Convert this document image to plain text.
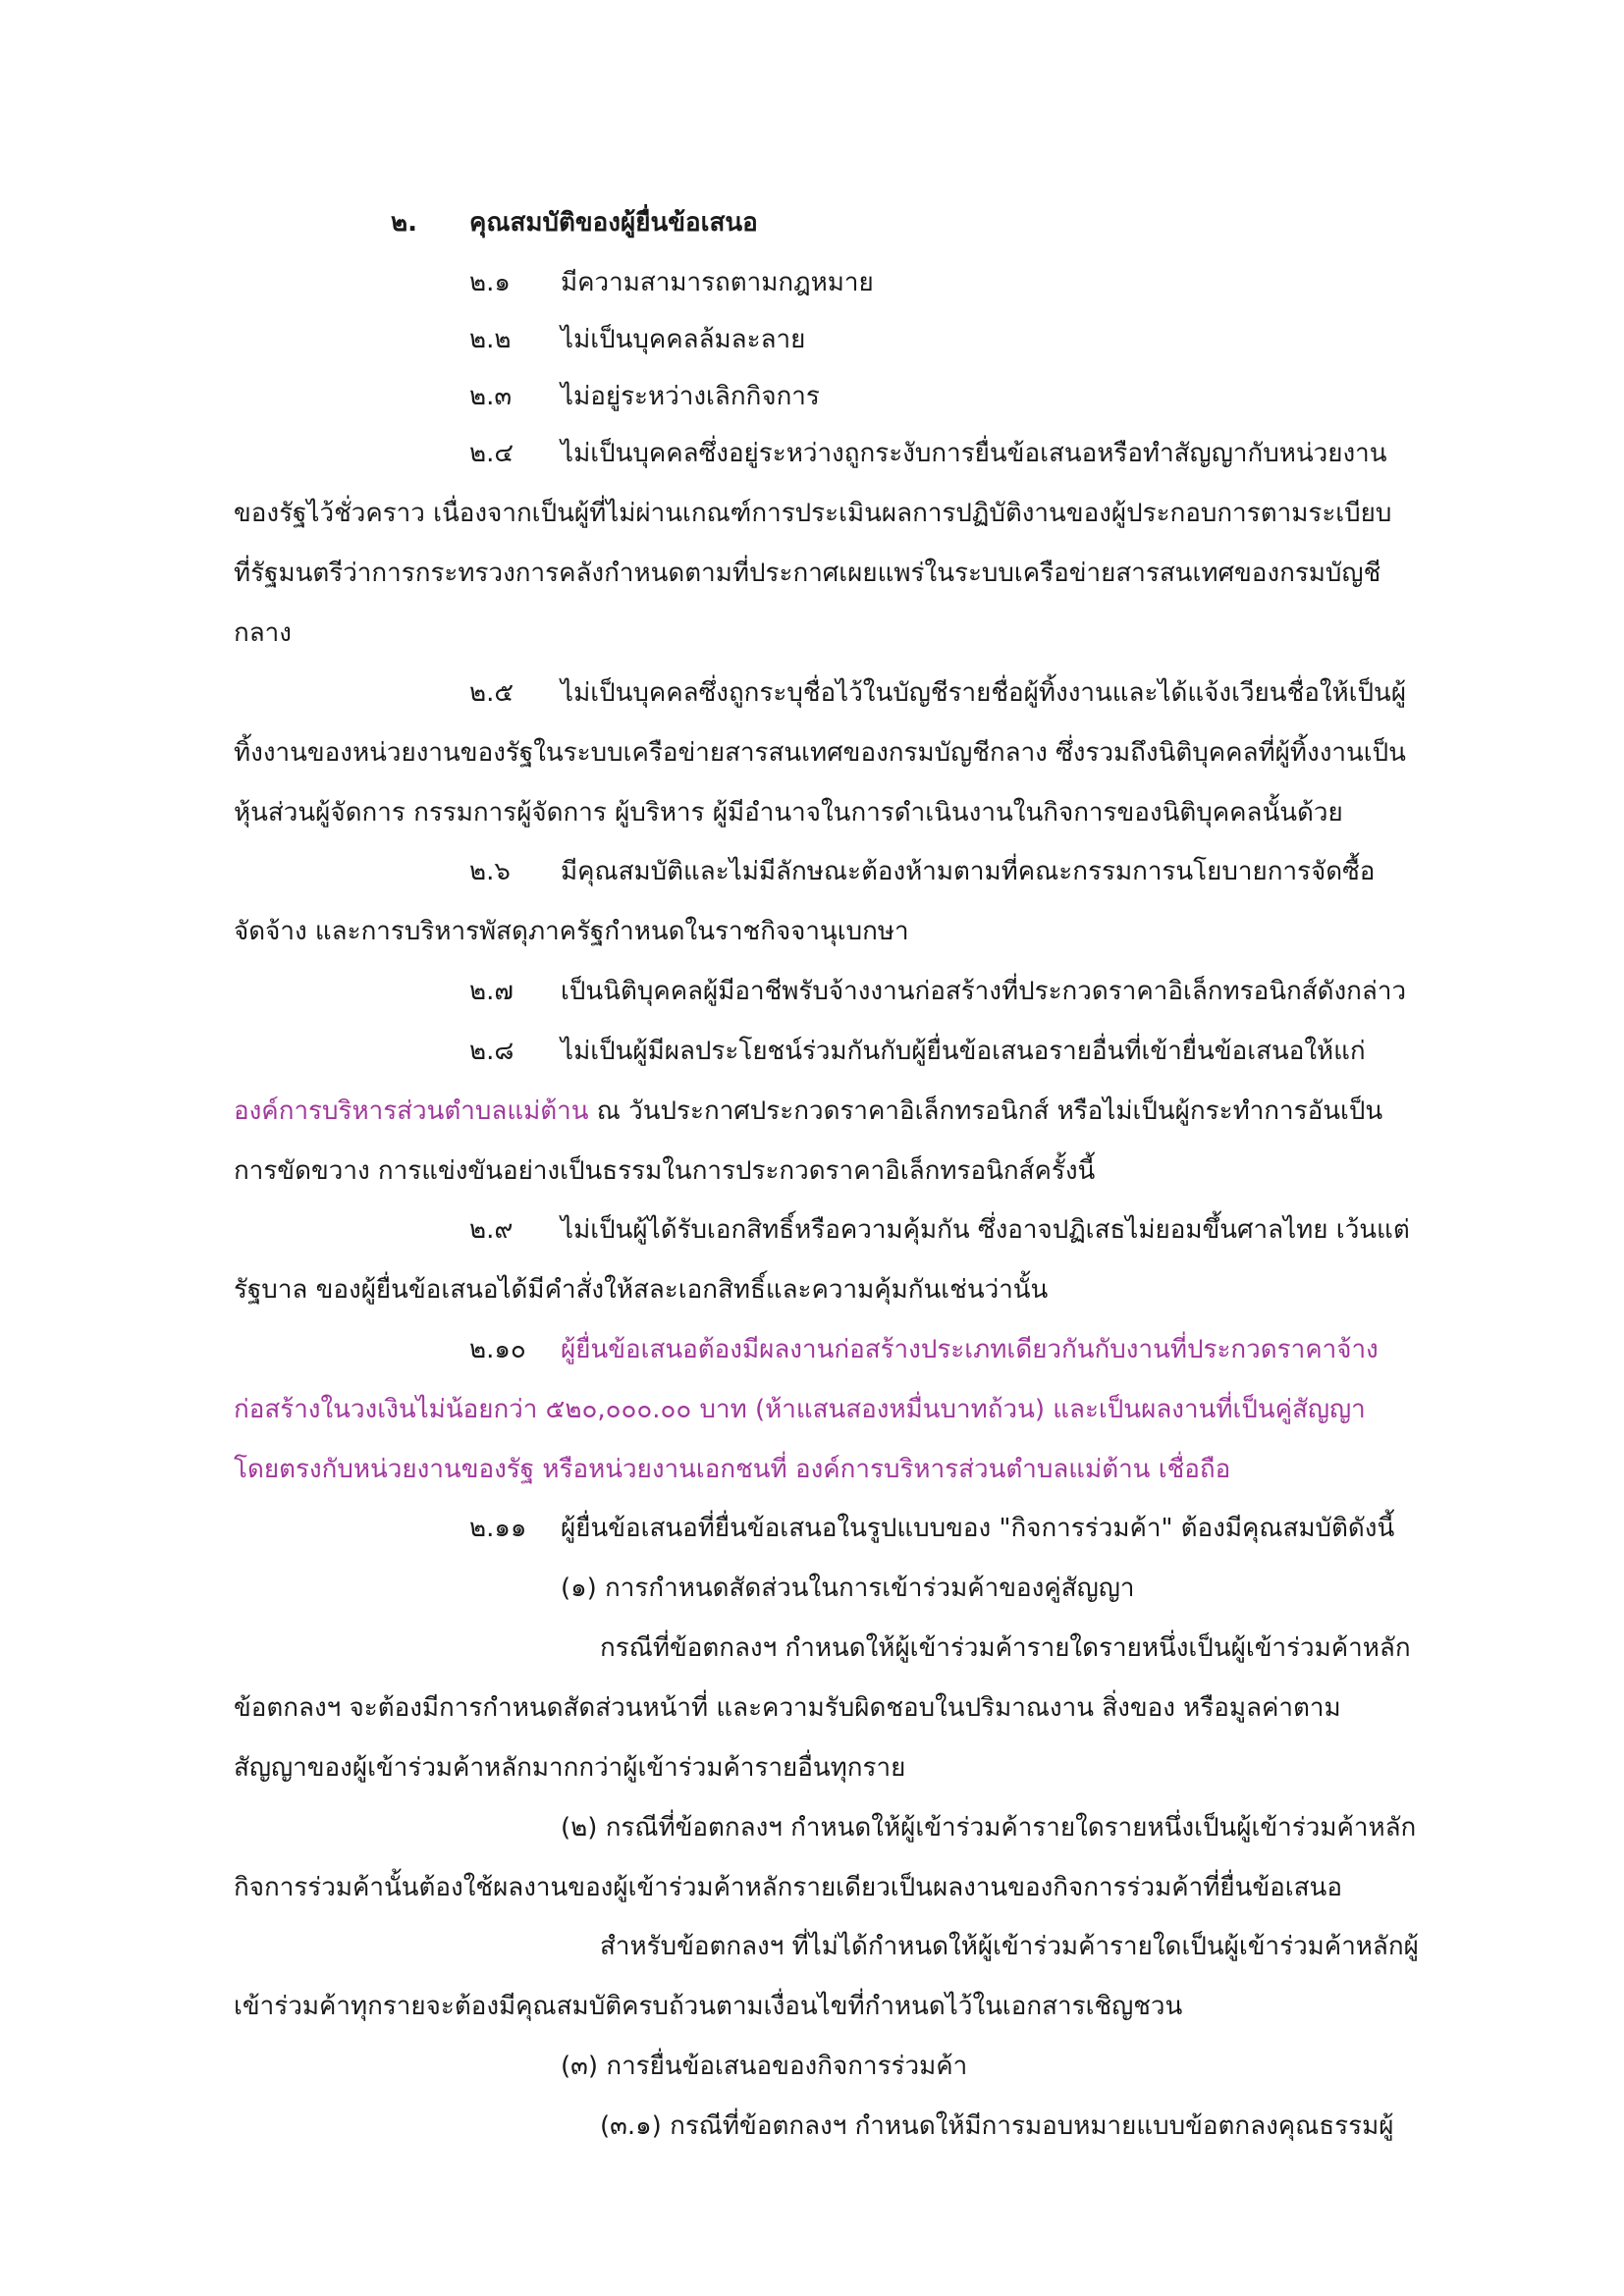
๒. คุณสมบัติของผู้ยื่นข้อเสนอ
๒.๑ มีความสามารถตามกฎหมาย
๒.๒ ไม่เป็นบุคคลล้มละลาย
๒.๓ ไม่อยู่ระหว่างเลิกกิจการ
๒.๔ ไม่เป็นบุคคลซึ่งอยู่ระหว่างถูกระงับการยื่นข้อเสนอหรือทำสัญญากับหน่วยงาน
ของรัฐไว้ชั่วคราว เนื่องจากเป็นผู้ที่ไม่ผ่านเกณฑ์การประเมินผลการปฏิบัติงานของผู้ประกอบการตามระเบียบ
ที่รัฐมนตรีว่าการกระทรวงการคลังกำหนดตามที่ประกาศเผยแพร่ในระบบเครือข่ายสารสนเทศของกรมบัญชี
กลาง
๒.๕ ไม่เป็นบุคคลซึ่งถูกระบุชื่อไว้ในบัญชีรายชื่อผู้ทิ้งงานและได้แจ้งเวียนชื่อให้เป็นผู้
ทิ้งงานของหน่วยงานของรัฐในระบบเครือข่ายสารสนเทศของกรมบัญชีกลาง ซึ่งรวมถึงนิติบุคคลที่ผู้ทิ้งงานเป็น
หุ้นส่วนผู้จัดการ กรรมการผู้จัดการ ผู้บริหาร ผู้มีอำนาจในการดำเนินงานในกิจการของนิติบุคคลนั้นด้วย
๒.๖ มีคุณสมบัติและไม่มีลักษณะต้องห้ามตามที่คณะกรรมการนโยบายการจัดซื้อ
จัดจ้าง และการบริหารพัสดุภาครัฐกำหนดในราชกิจจานุเบกษา
๒.๗ เป็นนิติบุคคลผู้มีอาชีพรับจ้างงานก่อสร้างที่ประกวดราคาอิเล็กทรอนิกส์ดังกล่าว
๒.๘ ไม่เป็นผู้มีผลประโยชน์ร่วมกันกับผู้ยื่นข้อเสนอรายอื่นที่เข้ายื่นข้อเสนอให้แก่
องค์การบริหารส่วนตำบลแม่ต้าน ณ วันประกาศประกวดราคาอิเล็กทรอนิกส์ หรือไม่เป็นผู้กระทำการอันเป็น
การขัดขวาง การแข่งขันอย่างเป็นธรรมในการประกวดราคาอิเล็กทรอนิกส์ครั้งนี้
๒.๙ ไม่เป็นผู้ได้รับเอกสิทธิ์หรือความคุ้มกัน ซึ่งอาจปฏิเสธไม่ยอมขึ้นศาลไทย เว้นแต่
รัฐบาล ของผู้ยื่นข้อเสนอได้มีคำสั่งให้สละเอกสิทธิ์และความคุ้มกันเช่นว่านั้น
๒.๑๐ ผู้ยื่นข้อเสนอต้องมีผลงานก่อสร้างประเภทเดียวกันกับงานที่ประกวดราคาจ้าง
ก่อสร้างในวงเงินไม่น้อยกว่า ๕๒๐,๐๐๐.๐๐ บาท (ห้าแสนสองหมื่นบาทถ้วน) และเป็นผลงานที่เป็นคู่สัญญา
โดยตรงกับหน่วยงานของรัฐ หรือหน่วยงานเอกชนที่ องค์การบริหารส่วนตำบลแม่ต้าน เชื่อถือ
๒.๑๑ ผู้ยื่นข้อเสนอที่ยื่นข้อเสนอในรูปแบบของ "กิจการร่วมค้า" ต้องมีคุณสมบัติดังนี้
(๑) การกำหนดสัดส่วนในการเข้าร่วมค้าของคู่สัญญา
กรณีที่ข้อตกลงฯ กำหนดให้ผู้เข้าร่วมค้ารายใดรายหนึ่งเป็นผู้เข้าร่วมค้าหลัก
ข้อตกลงฯ จะต้องมีการกำหนดสัดส่วนหน้าที่ และความรับผิดชอบในปริมาณงาน สิ่งของ หรือมูลค่าตาม
สัญญาของผู้เข้าร่วมค้าหลักมากกว่าผู้เข้าร่วมค้ารายอื่นทุกราย
(๒) กรณีที่ข้อตกลงฯ กำหนดให้ผู้เข้าร่วมค้ารายใดรายหนึ่งเป็นผู้เข้าร่วมค้าหลัก
กิจการร่วมค้านั้นต้องใช้ผลงานของผู้เข้าร่วมค้าหลักรายเดียวเป็นผลงานของกิจการร่วมค้าที่ยื่นข้อเสนอ
สำหรับข้อตกลงฯ ที่ไม่ได้กำหนดให้ผู้เข้าร่วมค้ารายใดเป็นผู้เข้าร่วมค้าหลักผู้
เข้าร่วมค้าทุกรายจะต้องมีคุณสมบัติครบถ้วนตามเงื่อนไขที่กำหนดไว้ในเอกสารเชิญชวน
(๓) การยื่นข้อเสนอของกิจการร่วมค้า
(๓.๑) กรณีที่ข้อตกลงฯ กำหนดให้มีการมอบหมายแบบข้อตกลงคุณธรรมผู้
